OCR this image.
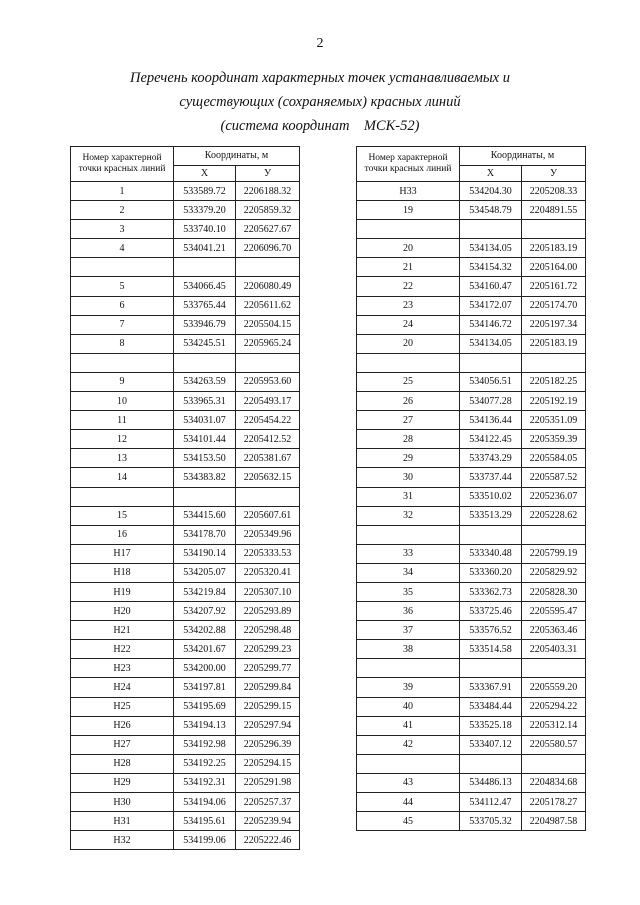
2
Перечень координат характерных точек устанавливаемых и
существующих (сохраняемых) красных линий
(система координат    МСК-52)
Номер характерной точки красных линий	Координаты, м	
	Х	У
1	533589.72	2206188.32
2	533379.20	2205859.32
3	533740.10	2205627.67
4	534041.21	2206096.70

5	534066.45	2206080.49
6	533765.44	2205611.62
7	533946.79	2205504.15
8	534245.51	2205965.24

9	534263.59	2205953.60
10	533965.31	2205493.17
11	534031.07	2205454.22
12	534101.44	2205412.52
13	534153.50	2205381.67
14	534383.82	2205632.15

15	534415.60	2205607.61
16	534178.70	2205349.96
Н17	534190.14	2205333.53
Н18	534205.07	2205320.41
Н19	534219.84	2205307.10
Н20	534207.92	2205293.89
Н21	534202.88	2205298.48
Н22	534201.67	2205299.23
Н23	534200.00	2205299.77
Н24	534197.81	2205299.84
Н25	534195.69	2205299.15
Н26	534194.13	2205297.94
Н27	534192.98	2205296.39
Н28	534192.25	2205294.15
Н29	534192.31	2205291.98
Н30	534194.06	2205257.37
Н31	534195.61	2205239.94
Н32	534199.06	2205222.46
Номер характерной точки красных линий	Координаты, м	
	Х	У
Н33	534204.30	2205208.33
19	534548.79	2204891.55

20	534134.05	2205183.19
21	534154.32	2205164.00
22	534160.47	2205161.72
23	534172.07	2205174.70
24	534146.72	2205197.34
20	534134.05	2205183.19

25	534056.51	2205182.25
26	534077.28	2205192.19
27	534136.44	2205351.09
28	534122.45	2205359.39
29	533743.29	2205584.05
30	533737.44	2205587.52
31	533510.02	2205236.07
32	533513.29	2205228.62

33	533340.48	2205799.19
34	533360.20	2205829.92
35	533362.73	2205828.30
36	533725.46	2205595.47
37	533576.52	2205363.46
38	533514.58	2205403.31

39	533367.91	2205559.20
40	533484.44	2205294.22
41	533525.18	2205312.14
42	533407.12	2205580.57

43	534486.13	2204834.68
44	534112.47	2205178.27
45	533705.32	2204987.58
